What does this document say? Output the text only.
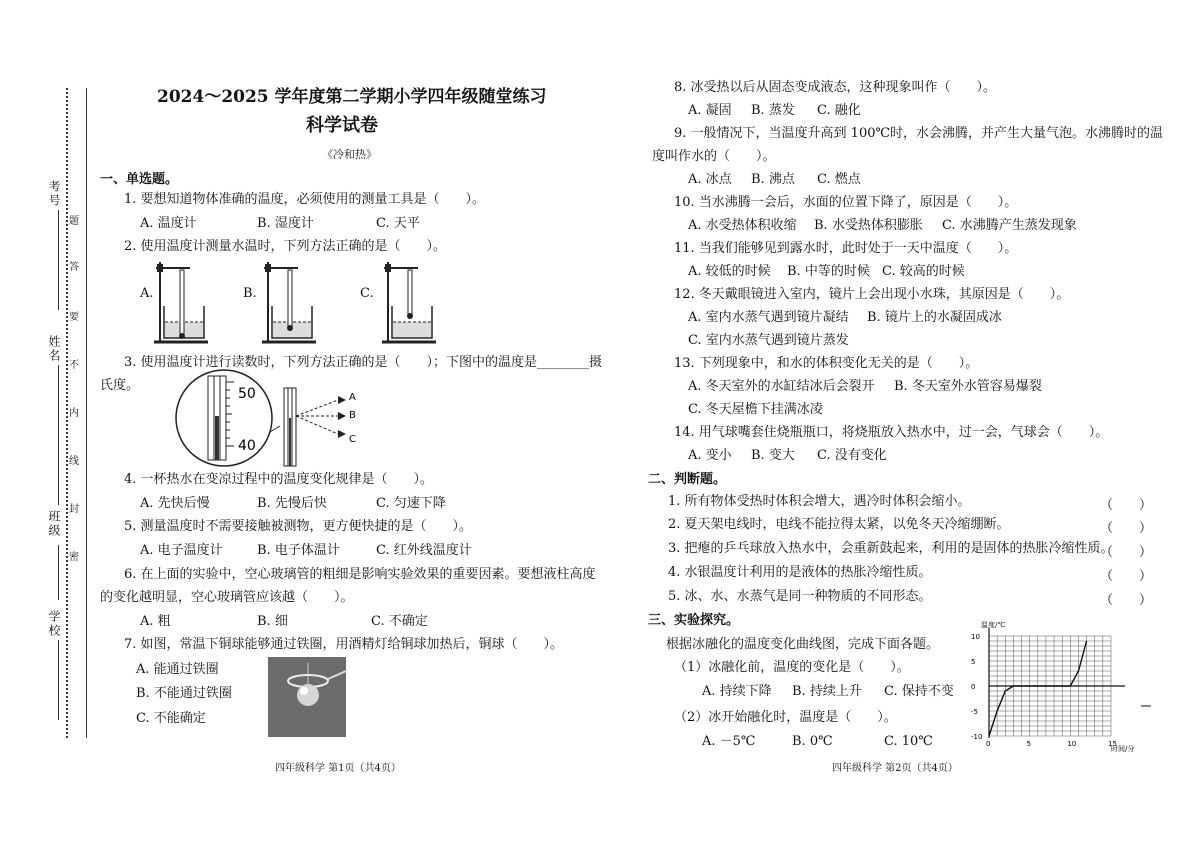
考号
姓名
班级
学校
题
答
要
不
内
线
封
密
2024～2025 学年度第二学期小学四年级随堂练习
科学试卷
《冷和热》
一、单选题。
1. 要想知道物体准确的温度，必须使用的测量工具是（　　）。
A. 温度计	B. 湿度计	C. 天平
2. 使用温度计测量水温时，下列方法正确的是（　　）。
A.	B.	C.
3. 使用温度计进行读数时，下列方法正确的是（　　）；下图中的温度是________摄
氏度。
50
40
A
B
C
4. 一杯热水在变凉过程中的温度变化规律是（　　）。
A. 先快后慢	B. 先慢后快	C. 匀速下降
5. 测量温度时不需要接触被测物，更方便快捷的是（　　）。
A. 电子温度计	B. 电子体温计	C. 红外线温度计
6. 在上面的实验中，空心玻璃管的粗细是影响实验效果的重要因素。要想液柱高度
的变化越明显，空心玻璃管应该越（　　）。
A. 粗	B. 细	C. 不确定
7. 如图，常温下铜球能够通过铁圈，用酒精灯给铜球加热后，铜球（　　）。
A. 能通过铁圈
B. 不能通过铁圈
C. 不能确定
四年级科学 第1页（共4页）
8. 冰受热以后从固态变成液态，这种现象叫作（　　）。
A. 凝固 B. 蒸发 C. 融化
9. 一般情况下，当温度升高到 100℃时，水会沸腾，并产生大量气泡。水沸腾时的温
度叫作水的（　　）。
A. 冰点 B. 沸点 C. 燃点
10. 当水沸腾一会后，水面的位置下降了，原因是（　　）。
A. 水受热体积收缩 B. 水受热体积膨胀 C. 水沸腾产生蒸发现象
11. 当我们能够见到露水时，此时处于一天中温度（　　）。
A. 较低的时候 B. 中等的时候 C. 较高的时候
12. 冬天戴眼镜进入室内，镜片上会出现小水珠，其原因是（　　）。
A. 室内水蒸气遇到镜片凝结 B. 镜片上的水凝固成冰
C. 室内水蒸气遇到镜片蒸发
13. 下列现象中，和水的体积变化无关的是（　　）。
A. 冬天室外的水缸结冰后会裂开 B. 冬天室外水管容易爆裂
C. 冬天屋檐下挂满冰凌
14. 用气球嘴套住烧瓶瓶口，将烧瓶放入热水中，过一会，气球会（　　）。
A. 变小 B. 变大 C. 没有变化
二、判断题。
1. 所有物体受热时体积会增大，遇冷时体积会缩小。	（　　）
2. 夏天架电线时，电线不能拉得太紧，以免冬天冷缩绷断。	（　　）
3. 把瘪的乒乓球放入热水中，会重新鼓起来，利用的是固体的热胀冷缩性质。
（　　）
4. 水银温度计利用的是液体的热胀冷缩性质。	（　　）
5. 冰、水、水蒸气是同一种物质的不同形态。	（　　）
三、实验探究。
根据冰融化的温度变化曲线图，完成下面各题。
（1）冰融化前，温度的变化是（　　）。
A. 持续下降 B. 持续上升 C. 保持不变
（2）冰开始融化时，温度是（　　）。
A. －5℃	B. 0℃	C. 10℃
温度/℃
时间/分
0	5	10	15
10
5
0
-5
-10
四年级科学 第2页（共4页）
